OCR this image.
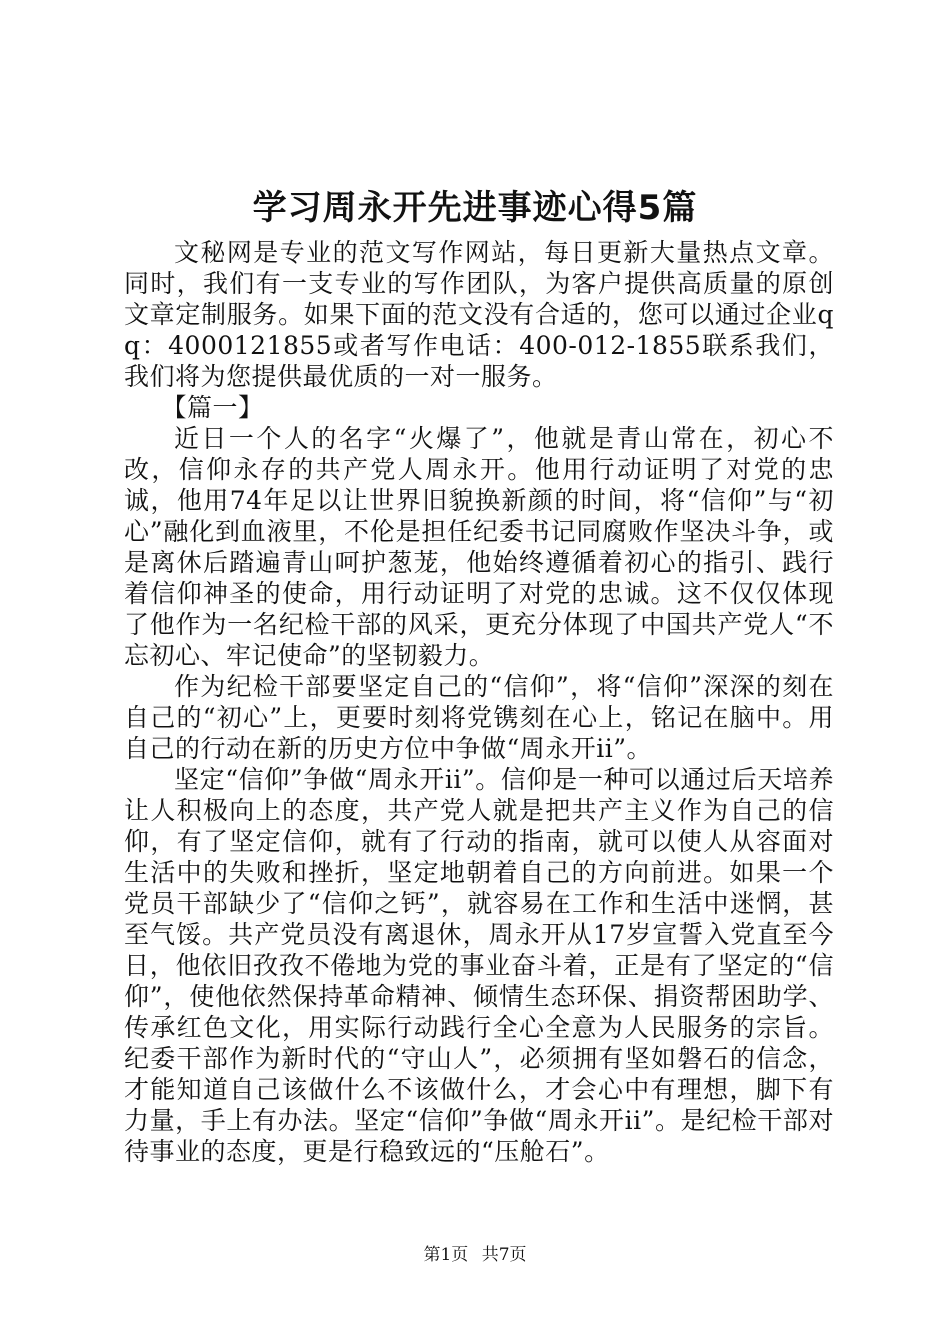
学习周永开先进事迹心得5篇

文秘网是专业的范文写作网站，每日更新大量热点文章。同时，我们有一支专业的写作团队，为客户提供高质量的原创文章定制服务。如果下面的范文没有合适的，您可以通过企业qq：4000121855或者写作电话：400-012-1855联系我们，我们将为您提供最优质的一对一服务。

【篇一】

近日一个人的名字“火爆了”，他就是青山常在，初心不改，信仰永存的共产党人周永开。他用行动证明了对党的忠诚，他用74年足以让世界旧貌换新颜的时间，将“信仰”与“初心”融化到血液里，不伦是担任纪委书记同腐败作坚决斗争，或是离休后踏遍青山呵护葱茏，他始终遵循着初心的指引、践行着信仰神圣的使命，用行动证明了对党的忠诚。这不仅仅体现了他作为一名纪检干部的风采，更充分体现了中国共产党人“不忘初心、牢记使命”的坚韧毅力。

作为纪检干部要坚定自己的“信仰”，将“信仰”深深的刻在自己的“初心”上，更要时刻将党镌刻在心上，铭记在脑中。用自己的行动在新的历史方位中争做“周永开ii”。

坚定“信仰”争做“周永开ii”。信仰是一种可以通过后天培养让人积极向上的态度，共产党人就是把共产主义作为自己的信仰，有了坚定信仰，就有了行动的指南，就可以使人从容面对生活中的失败和挫折，坚定地朝着自己的方向前进。如果一个党员干部缺少了“信仰之钙”，就容易在工作和生活中迷惘，甚至气馁。共产党员没有离退休，周永开从17岁宣誓入党直至今日，他依旧孜孜不倦地为党的事业奋斗着，正是有了坚定的“信仰”，使他依然保持革命精神、倾情生态环保、捐资帮困助学、传承红色文化，用实际行动践行全心全意为人民服务的宗旨。纪委干部作为新时代的“守山人”，必须拥有坚如磐石的信念，才能知道自己该做什么不该做什么，才会心中有理想，脚下有力量，手上有办法。坚定“信仰”争做“周永开ii”。是纪检干部对待事业的态度，更是行稳致远的“压舱石”。

第1页 共7页
